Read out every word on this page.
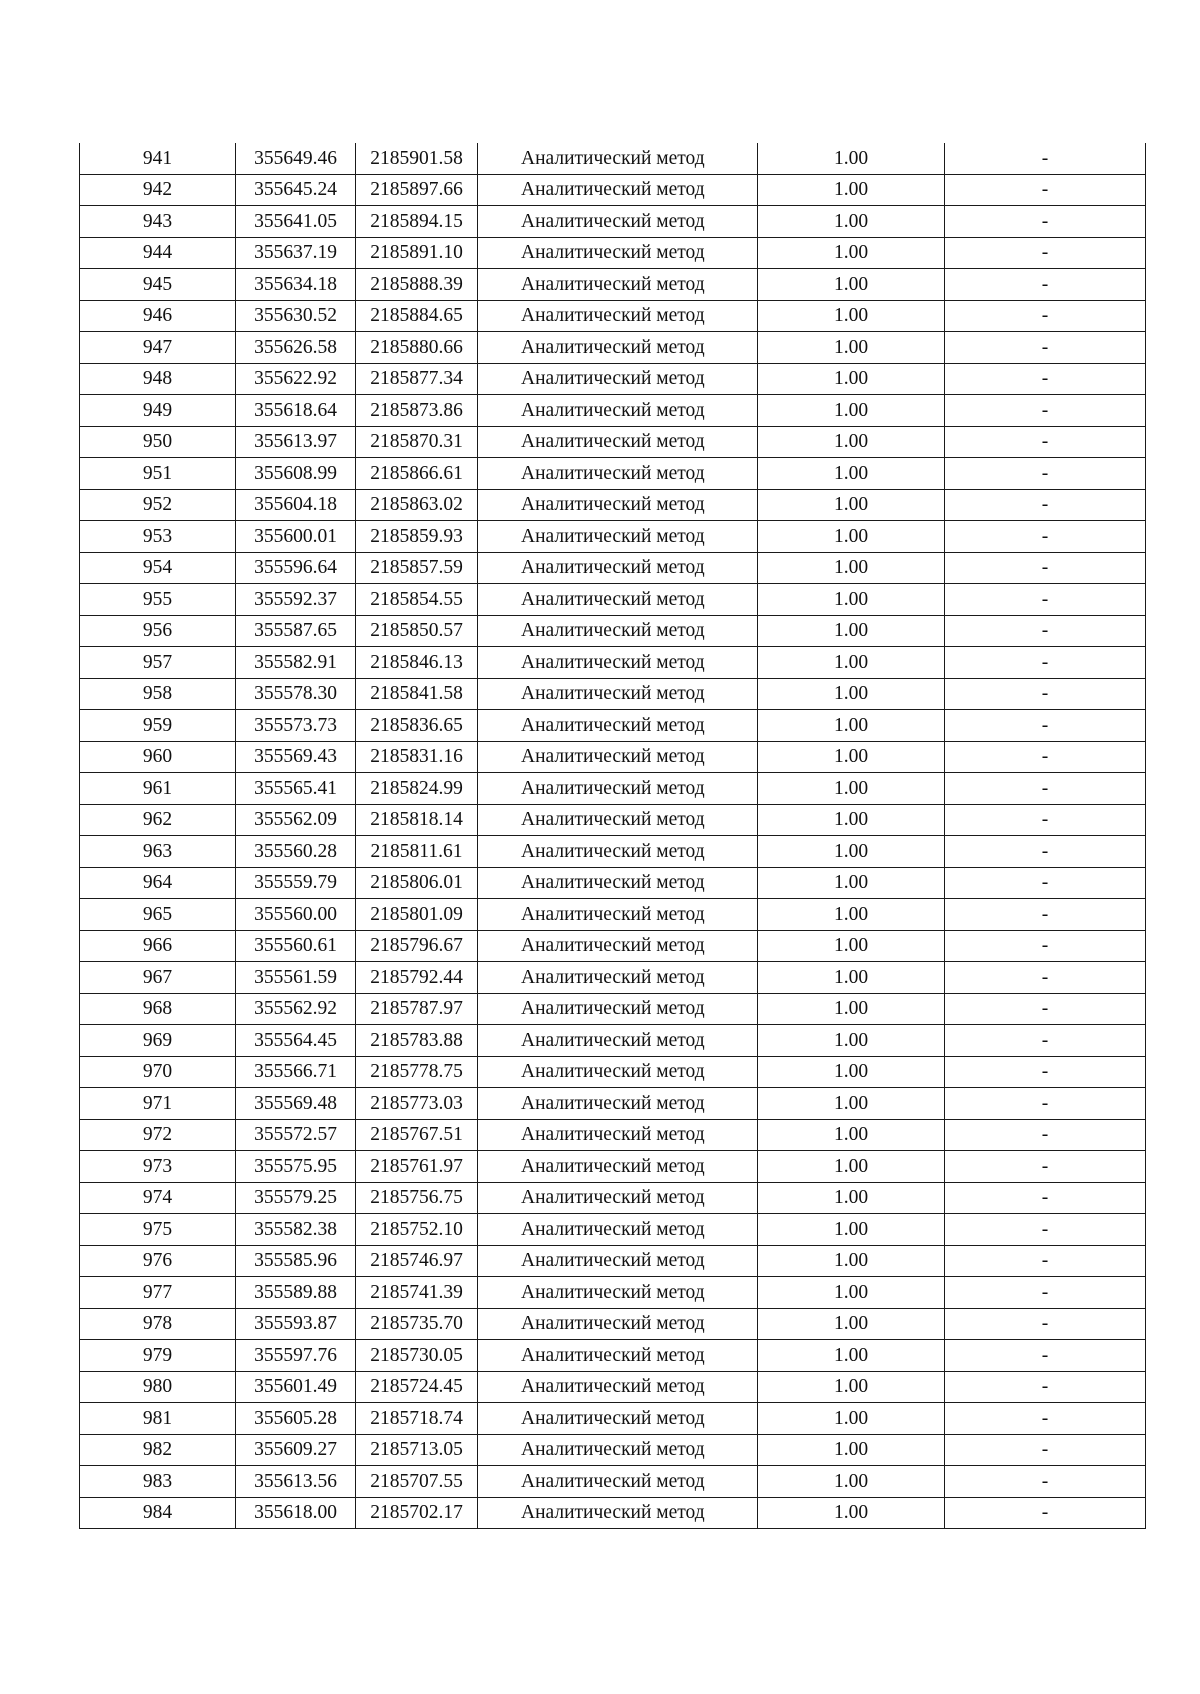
941	355649.46	2185901.58	Аналитический метод	1.00	-
942	355645.24	2185897.66	Аналитический метод	1.00	-
943	355641.05	2185894.15	Аналитический метод	1.00	-
944	355637.19	2185891.10	Аналитический метод	1.00	-
945	355634.18	2185888.39	Аналитический метод	1.00	-
946	355630.52	2185884.65	Аналитический метод	1.00	-
947	355626.58	2185880.66	Аналитический метод	1.00	-
948	355622.92	2185877.34	Аналитический метод	1.00	-
949	355618.64	2185873.86	Аналитический метод	1.00	-
950	355613.97	2185870.31	Аналитический метод	1.00	-
951	355608.99	2185866.61	Аналитический метод	1.00	-
952	355604.18	2185863.02	Аналитический метод	1.00	-
953	355600.01	2185859.93	Аналитический метод	1.00	-
954	355596.64	2185857.59	Аналитический метод	1.00	-
955	355592.37	2185854.55	Аналитический метод	1.00	-
956	355587.65	2185850.57	Аналитический метод	1.00	-
957	355582.91	2185846.13	Аналитический метод	1.00	-
958	355578.30	2185841.58	Аналитический метод	1.00	-
959	355573.73	2185836.65	Аналитический метод	1.00	-
960	355569.43	2185831.16	Аналитический метод	1.00	-
961	355565.41	2185824.99	Аналитический метод	1.00	-
962	355562.09	2185818.14	Аналитический метод	1.00	-
963	355560.28	2185811.61	Аналитический метод	1.00	-
964	355559.79	2185806.01	Аналитический метод	1.00	-
965	355560.00	2185801.09	Аналитический метод	1.00	-
966	355560.61	2185796.67	Аналитический метод	1.00	-
967	355561.59	2185792.44	Аналитический метод	1.00	-
968	355562.92	2185787.97	Аналитический метод	1.00	-
969	355564.45	2185783.88	Аналитический метод	1.00	-
970	355566.71	2185778.75	Аналитический метод	1.00	-
971	355569.48	2185773.03	Аналитический метод	1.00	-
972	355572.57	2185767.51	Аналитический метод	1.00	-
973	355575.95	2185761.97	Аналитический метод	1.00	-
974	355579.25	2185756.75	Аналитический метод	1.00	-
975	355582.38	2185752.10	Аналитический метод	1.00	-
976	355585.96	2185746.97	Аналитический метод	1.00	-
977	355589.88	2185741.39	Аналитический метод	1.00	-
978	355593.87	2185735.70	Аналитический метод	1.00	-
979	355597.76	2185730.05	Аналитический метод	1.00	-
980	355601.49	2185724.45	Аналитический метод	1.00	-
981	355605.28	2185718.74	Аналитический метод	1.00	-
982	355609.27	2185713.05	Аналитический метод	1.00	-
983	355613.56	2185707.55	Аналитический метод	1.00	-
984	355618.00	2185702.17	Аналитический метод	1.00	-
